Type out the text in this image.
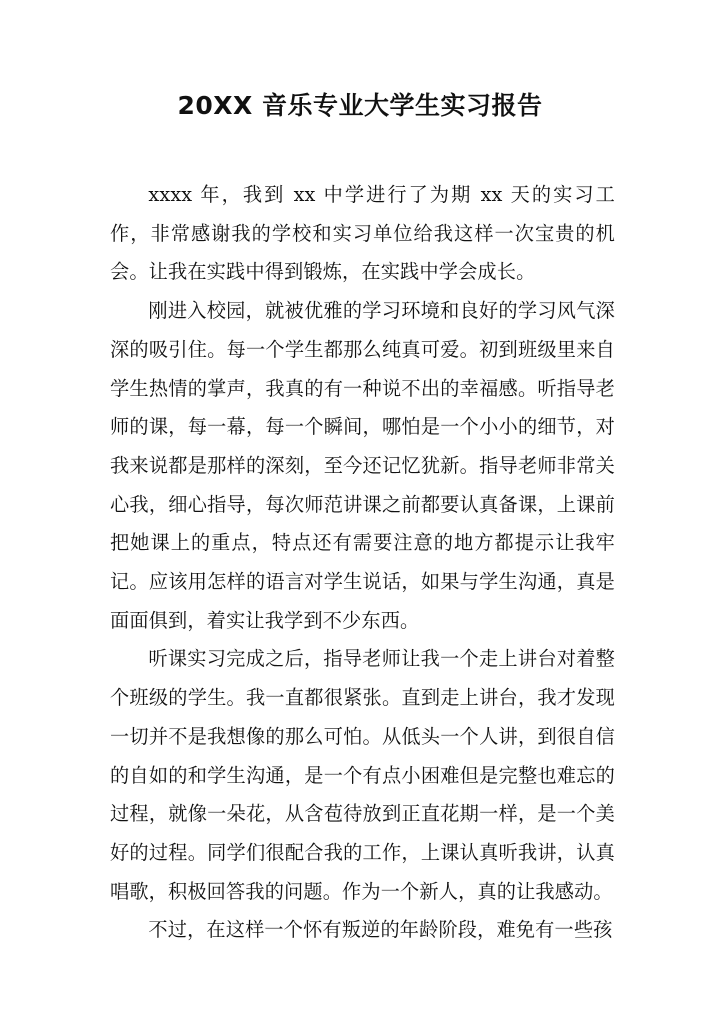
20XX 音乐专业大学生实习报告

xxxx 年，我到 xx 中学进行了为期 xx 天的实习工作，非常感谢我的学校和实习单位给我这样一次宝贵的机会。让我在实践中得到锻炼，在实践中学会成长。

刚进入校园，就被优雅的学习环境和良好的学习风气深深的吸引住。每一个学生都那么纯真可爱。初到班级里来自学生热情的掌声，我真的有一种说不出的幸福感。听指导老师的课，每一幕，每一个瞬间，哪怕是一个小小的细节，对我来说都是那样的深刻，至今还记忆犹新。指导老师非常关心我，细心指导，每次师范讲课之前都要认真备课，上课前把她课上的重点，特点还有需要注意的地方都提示让我牢记。应该用怎样的语言对学生说话，如果与学生沟通，真是面面俱到，着实让我学到不少东西。

听课实习完成之后，指导老师让我一个走上讲台对着整个班级的学生。我一直都很紧张。直到走上讲台，我才发现一切并不是我想像的那么可怕。从低头一个人讲，到很自信的自如的和学生沟通，是一个有点小困难但是完整也难忘的过程，就像一朵花，从含苞待放到正直花期一样，是一个美好的过程。同学们很配合我的工作，上课认真听我讲，认真唱歌，积极回答我的问题。作为一个新人，真的让我感动。

不过，在这样一个怀有叛逆的年龄阶段，难免有一些孩
